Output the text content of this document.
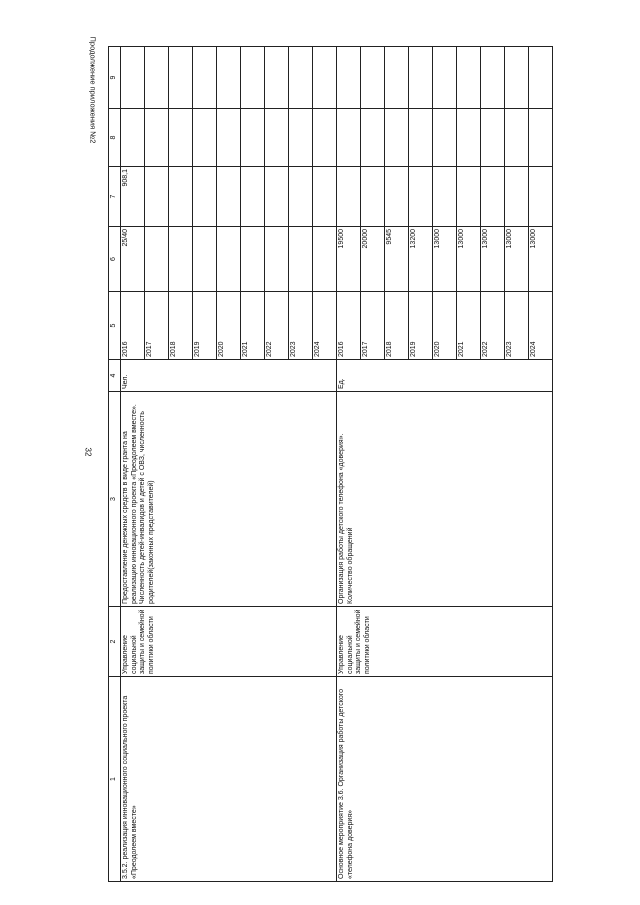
32
Продолжение приложения №2
1	2	3	4	5	6	7	8	9	
3.5.2. реализация инновационного социального проекта «Преодолеем вместе»	Управление социальной защиты и семейной политики области	Предоставление денежных средств в виде гранта на реализацию инновационного проекта «Преодолеем вместе». Численность детей-инвалидов и детей с ОВЗ, численность родителей(законных представителей)	Чел.	2016	25/40	908,1			
				2017					
				2018					
				2019					
				2020					
				2021					
				2022					
				2023					
				2024					
Основное мероприятие 3.6. Организация работы детского «телефона доверия»	Управление социальной защиты и семейной политики области	Организация работы детского телефона «доверия». Количество обращений	Ед.	2016	19500				
				2017	20000				
				2018	9545				
				2019	13200				
				2020	13000				
				2021	13000				
				2022	13000				
				2023	13000				
				2024	13000				
